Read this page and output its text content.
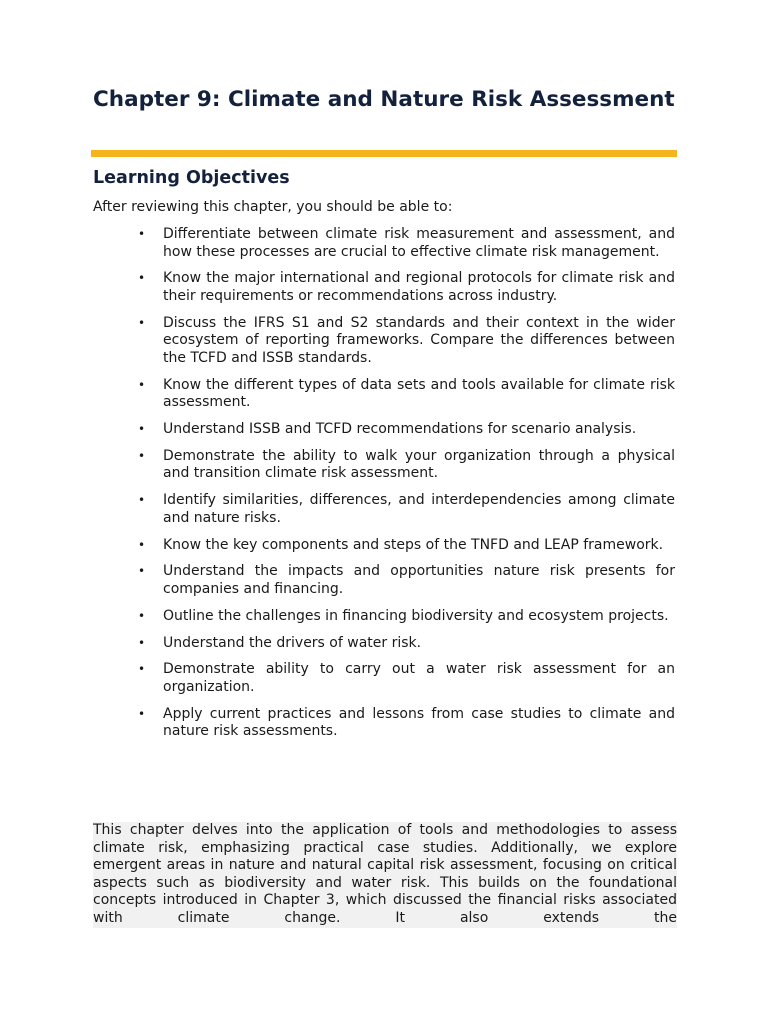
Chapter 9: Climate and Nature Risk Assessment
Learning Objectives

After reviewing this chapter, you should be able to:

•	Differentiate between climate risk measurement and assessment, and how these processes are crucial to effective climate risk management.
•	Know the major international and regional protocols for climate risk and their requirements or recommendations across industry.
•	Discuss the IFRS S1 and S2 standards and their context in the wider ecosystem of reporting frameworks. Compare the differences between the TCFD and ISSB standards.
•	Know the different types of data sets and tools available for climate risk assessment.
•	Understand ISSB and TCFD recommendations for scenario analysis.
•	Demonstrate the ability to walk your organization through a physical and transition climate risk assessment.
•	Identify similarities, differences, and interdependencies among climate and nature risks.
•	Know the key components and steps of the TNFD and LEAP framework.
•	Understand the impacts and opportunities nature risk presents for companies and financing.
•	Outline the challenges in financing biodiversity and ecosystem projects.
•	Understand the drivers of water risk.
•	Demonstrate ability to carry out a water risk assessment for an organization.
•	Apply current practices and lessons from case studies to climate and nature risk assessments.

This chapter delves into the application of tools and methodologies to assess climate risk, emphasizing practical case studies. Additionally, we explore emergent areas in nature and natural capital risk assessment, focusing on critical aspects such as biodiversity and water risk. This builds on the foundational concepts introduced in Chapter 3, which discussed the financial risks associated with climate change. It also extends the
